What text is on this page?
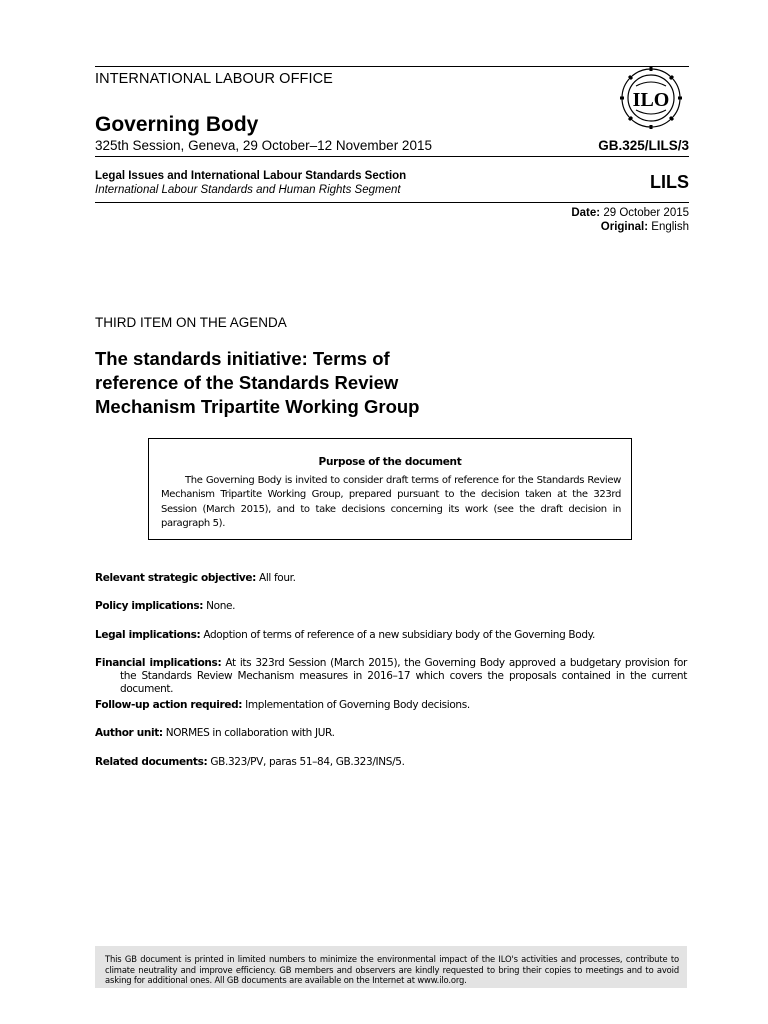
INTERNATIONAL LABOUR OFFICE
ILO
Governing Body
325th Session, Geneva, 29 October–12 November 2015	GB.325/LILS/3
Legal Issues and International Labour Standards Section
International Labour Standards and Human Rights Segment	LILS
Date: 29 October 2015
Original: English
THIRD ITEM ON THE AGENDA
The standards initiative: Terms of
reference of the Standards Review
Mechanism Tripartite Working Group
Purpose of the document
The Governing Body is invited to consider draft terms of reference for the Standards Review Mechanism Tripartite Working Group, prepared pursuant to the decision taken at the 323rd Session (March 2015), and to take decisions concerning its work (see the draft decision in paragraph 5).
Relevant strategic objective: All four.
Policy implications: None.
Legal implications: Adoption of terms of reference of a new subsidiary body of the Governing Body.
Financial implications: At its 323rd Session (March 2015), the Governing Body approved a budgetary provision for the Standards Review Mechanism measures in 2016–17 which covers the proposals contained in the current document.
Follow-up action required: Implementation of Governing Body decisions.
Author unit: NORMES in collaboration with JUR.
Related documents: GB.323/PV, paras 51–84, GB.323/INS/5.
This GB document is printed in limited numbers to minimize the environmental impact of the ILO's activities and processes, contribute to climate neutrality and improve efficiency. GB members and observers are kindly requested to bring their copies to meetings and to avoid asking for additional ones. All GB documents are available on the Internet at www.ilo.org.
